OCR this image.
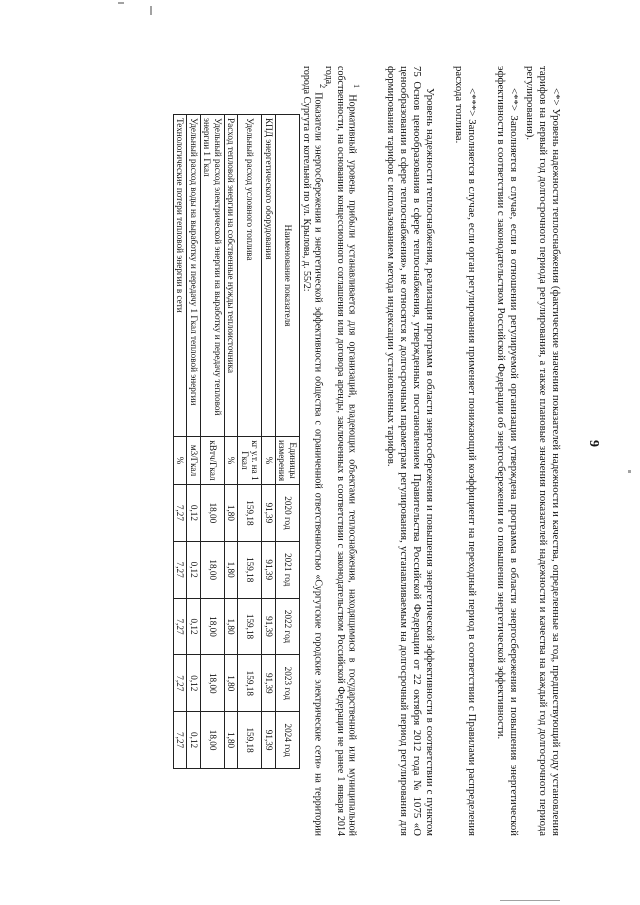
9

<*> Уровень надежности теплоснабжения (фактические значения показателей надежности и качества, определенные за год, предшествующий году установления тарифов на первый год долгосрочного периода регулирования, а также плановые значения показателей надежности и качества на каждый год долгосрочного периода регулирования).

<**> Заполняется в случае, если в отношении регулируемой организации утверждена программа в области энергосбережения и повышения энергетической эффективности в соответствии с законодательством Российской Федерации об энергосбережении и о повышении энергетической эффективности.

<***> Заполняется в случае, если орган регулирования применяет понижающий коэффициент на переходный период в соответствии с Правилами распределения расхода топлива.

Уровень надежности теплоснабжения, реализация программ в области энергосбережения и повышения энергетической эффективности в соответствии с пунктом 75 Основ ценообразования в сфере теплоснабжения, утвержденных постановлением Правительства Российской Федерации от 22 октября 2012 года № 1075 «О ценообразовании в сфере теплоснабжения», не относятся к долгосрочным параметрам регулирования, устанавливаемым на долгосрочный период регулирования для формирования тарифов с использованием метода индексации установленных тарифов.

$^1$ Нормативный уровень прибыли устанавливается для организаций, владеющих объектами теплоснабжения, находящимися в государственной или муниципальной собственности, на основании концессионного соглашения или договора аренды, заключенных в соответствии с законодательством Российской Федерации не ранее 1 января 2014 года.

$^2$ Показатели энергосбережения и энергетической эффективности общества с ограниченной ответственностью «Сургутские городские электрические сети» на территории города Сургута от котельной по ул. Крылова, д. 55/2:

Наименование показателя	Единицы измерения	2020 год	2021 год	2022 год	2023 год	2024 год
КПД энергетического оборудования	%	91,39	91,39	91,39	91,39	91,39
Удельный расход условного топлива	кг у.т. на 1 Гкал	159,18	159,18	159,18	159,18	159,18
Расход тепловой энергии на собственные нужды теплоисточника	%	1,80	1,80	1,80	1,80	1,80
Удельный расход электрической энергии на выработку и передачу тепловой энергии 1 Гкал	кВтч/Гкал	18,00	18,00	18,00	18,00	18,00
Удельный расход воды на выработку и передачу 1 Гкал тепловой энергии	м3/Гкал	0,12	0,12	0,12	0,12	0,12
Технологические потери тепловой энергии в сети	%	7,27	7,27	7,27	7,27	7,27
